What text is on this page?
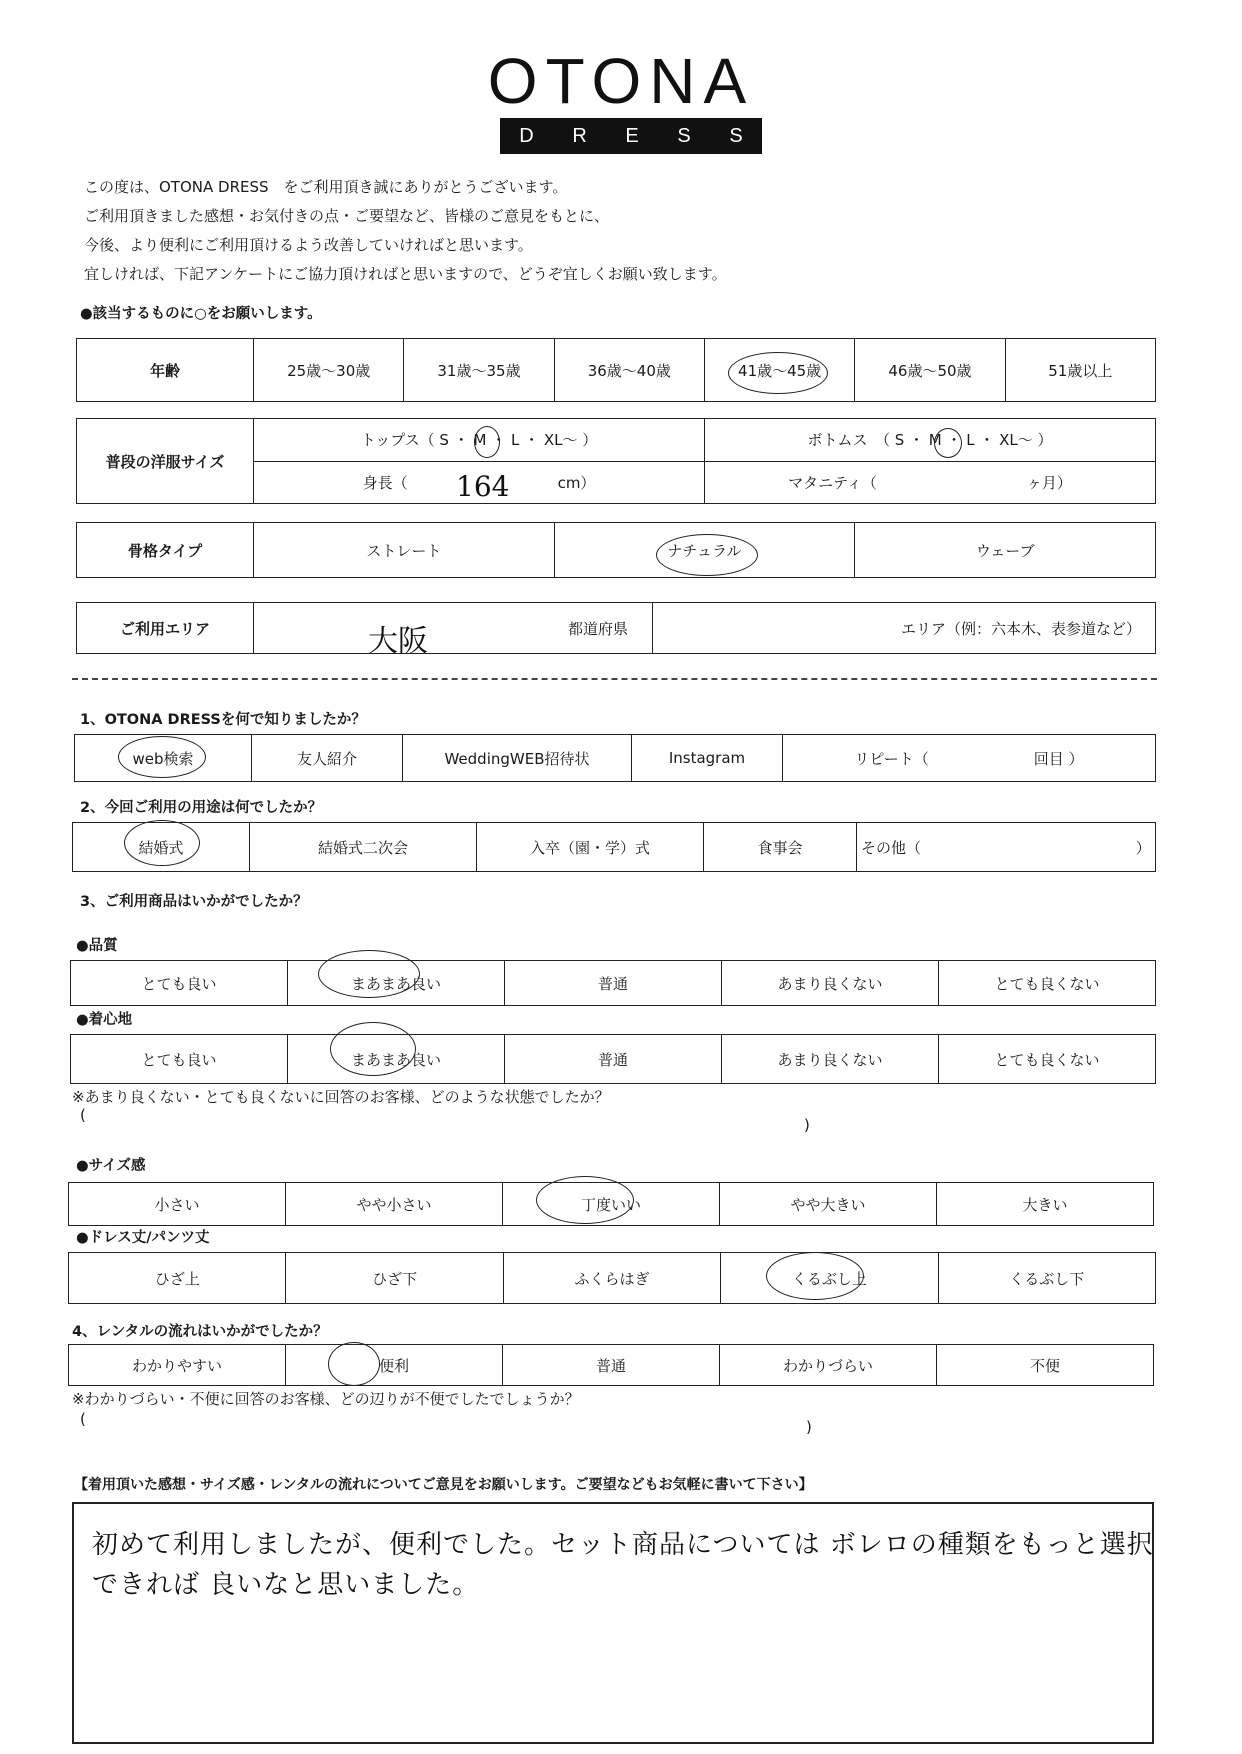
OTONA
D R E S S
この度は、OTONA DRESS　をご利用頂き誠にありがとうございます。
ご利用頂きました感想・お気付きの点・ご要望など、皆様のご意見をもとに、
今後、より便利にご利用頂けるよう改善していければと思います。
宜しければ、下記アンケートにご協力頂ければと思いますので、どうぞ宜しくお願い致します。
●該当するものに○をお願いします。
年齢	25歳～30歳	31歳～35歳	36歳～40歳	41歳～45歳	46歳～50歳	51歳以上
普段の洋服サイズ	トップス（ S ・ M ・ L ・ XL～ ）	ボトムス　（ S ・ M ・ L ・ XL～ ）
	身長（ cm）	マタニティ（ ヶ月）
164
骨格タイプ	ストレート	ナチュラル	ウェーブ
ご利用エリア	都道府県	エリア（例：六本木、表参道など）
大阪
1、OTONA DRESSを何で知りましたか？
web検索	友人紹介	WeddingWEB招待状	Instagram	リピート（　　　　　　　回目 ）
2、今回ご利用の用途は何でしたか？
結婚式	結婚式二次会	入卒（園・学）式	食事会	その他（　　　　　　　　　　　　　　 ）
3、ご利用商品はいかがでしたか？
●品質
とても良い	まあまあ良い	普通	あまり良くない	とても良くない
●着心地
とても良い	まあまあ良い	普通	あまり良くない	とても良くない
※あまり良くない・とても良くないに回答のお客様、どのような状態でしたか？
(
)
●サイズ感
小さい	やや小さい	丁度いい	やや大きい	大きい
●ドレス丈/パンツ丈
ひざ上	ひざ下	ふくらはぎ	くるぶし上	くるぶし下
4、レンタルの流れはいかがでしたか？
わかりやすい	便利	普通	わかりづらい	不便
※わかりづらい・不便に回答のお客様、どの辺りが不便でしたでしょうか？
(	)
【着用頂いた感想・サイズ感・レンタルの流れについてご意見をお願いします。ご要望などもお気軽に書いて下さい】
初めて利用しましたが、便利でした。セット商品については ボレロの種類をもっと選択
できれば 良いなと思いました。
